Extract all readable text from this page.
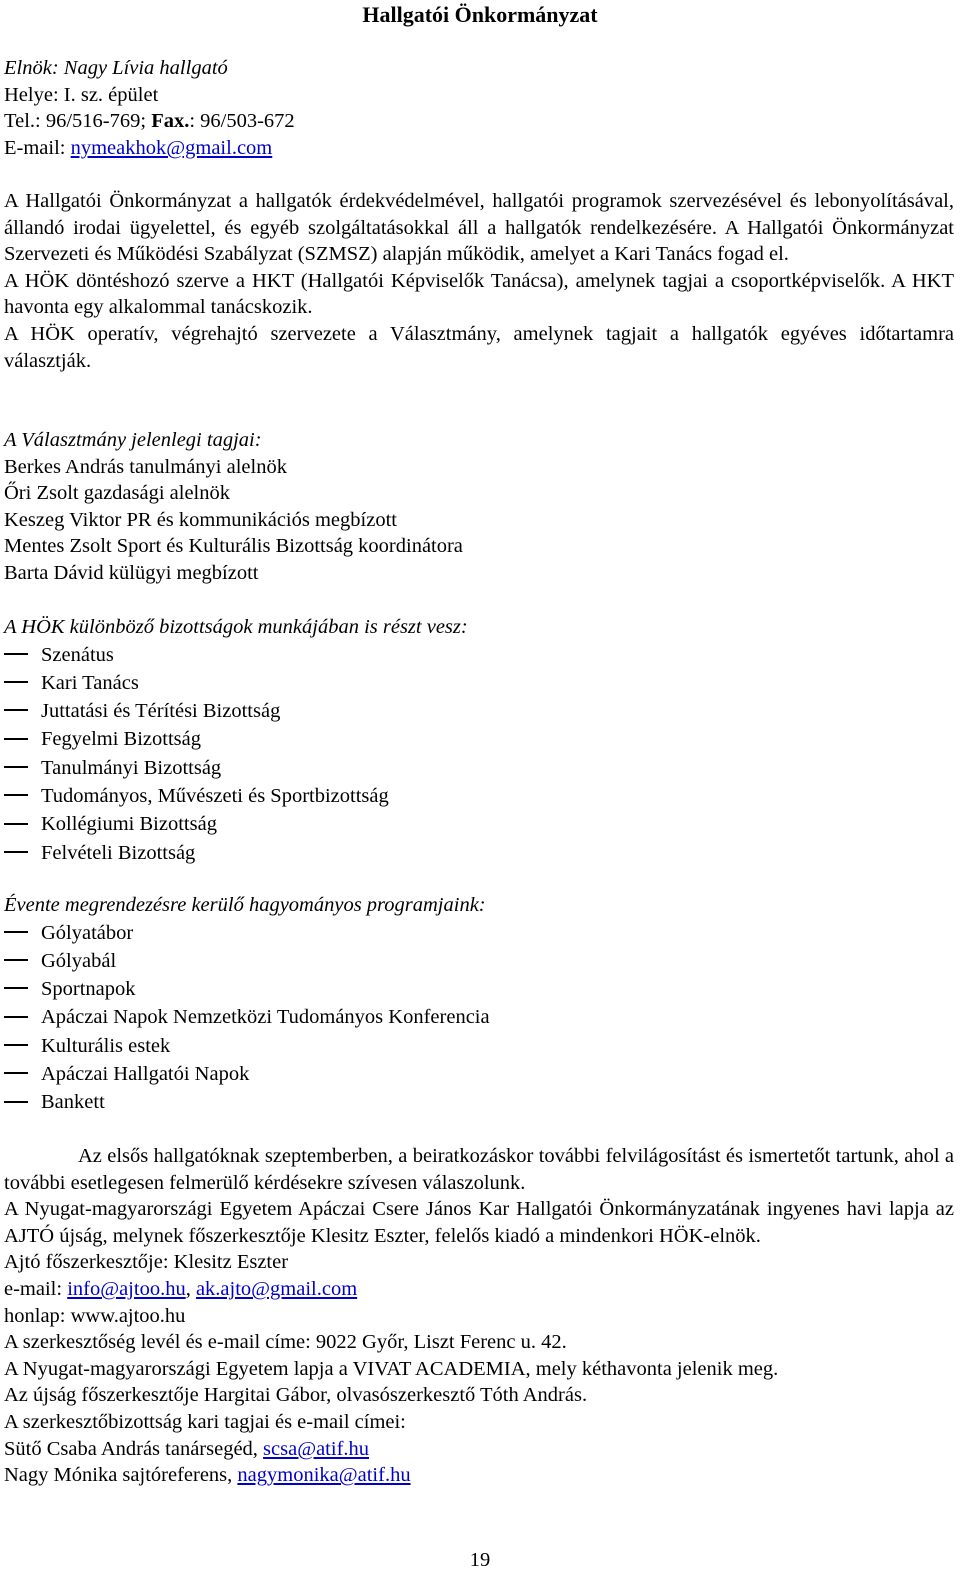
Hallgatói Önkormányzat
Elnök: Nagy Lívia hallgató
Helye: I. sz. épület
Tel.: 96/516-769; Fax.: 96/503-672
E-mail: nymeakhok@gmail.com
A Hallgatói Önkormányzat a hallgatók érdekvédelmével, hallgatói programok szervezésével és lebonyolításával, állandó irodai ügyelettel, és egyéb szolgáltatásokkal áll a hallgatók rendelkezésére. A Hallgatói Önkormányzat Szervezeti és Működési Szabályzat (SZMSZ) alapján működik, amelyet a Kari Tanács fogad el.
A HÖK döntéshozó szerve a HKT (Hallgatói Képviselők Tanácsa), amelynek tagjai a csoportképviselők. A HKT havonta egy alkalommal tanácskozik.
A HÖK operatív, végrehajtó szervezete a Választmány, amelynek tagjait a hallgatók egyéves időtartamra választják.
A Választmány jelenlegi tagjai:
Berkes András tanulmányi alelnök
Őri Zsolt gazdasági alelnök
Keszeg Viktor PR és kommunikációs megbízott
Mentes Zsolt Sport és Kulturális Bizottság koordinátora
Barta Dávid külügyi megbízott
A HÖK különböző bizottságok munkájában is részt vesz:
Szenátus
Kari Tanács
Juttatási és Térítési Bizottság
Fegyelmi Bizottság
Tanulmányi Bizottság
Tudományos, Művészeti és Sportbizottság
Kollégiumi Bizottság
Felvételi Bizottság
Évente megrendezésre kerülő hagyományos programjaink:
Gólyatábor
Gólyabál
Sportnapok
Apáczai Napok Nemzetközi Tudományos Konferencia
Kulturális estek
Apáczai Hallgatói Napok
Bankett
Az elsős hallgatóknak szeptemberben, a beiratkozáskor további felvilágosítást és ismertetőt tartunk, ahol a további esetlegesen felmerülő kérdésekre szívesen válaszolunk.
A Nyugat-magyarországi Egyetem Apáczai Csere János Kar Hallgatói Önkormányzatának ingyenes havi lapja az AJTÓ újság, melynek főszerkesztője Klesitz Eszter, felelős kiadó a mindenkori HÖK-elnök.
Ajtó főszerkesztője: Klesitz Eszter
e-mail: info@ajtoo.hu, ak.ajto@gmail.com
honlap: www.ajtoo.hu
A szerkesztőség levél és e-mail címe: 9022 Győr, Liszt Ferenc u. 42.
A Nyugat-magyarországi Egyetem lapja a VIVAT ACADEMIA, mely kéthavonta jelenik meg.
Az újság főszerkesztője Hargitai Gábor, olvasószerkesztő Tóth András.
A szerkesztőbizottság kari tagjai és e-mail címei:
Sütő Csaba András tanársegéd, scsa@atif.hu
Nagy Mónika sajtóreferens, nagymonika@atif.hu
19
